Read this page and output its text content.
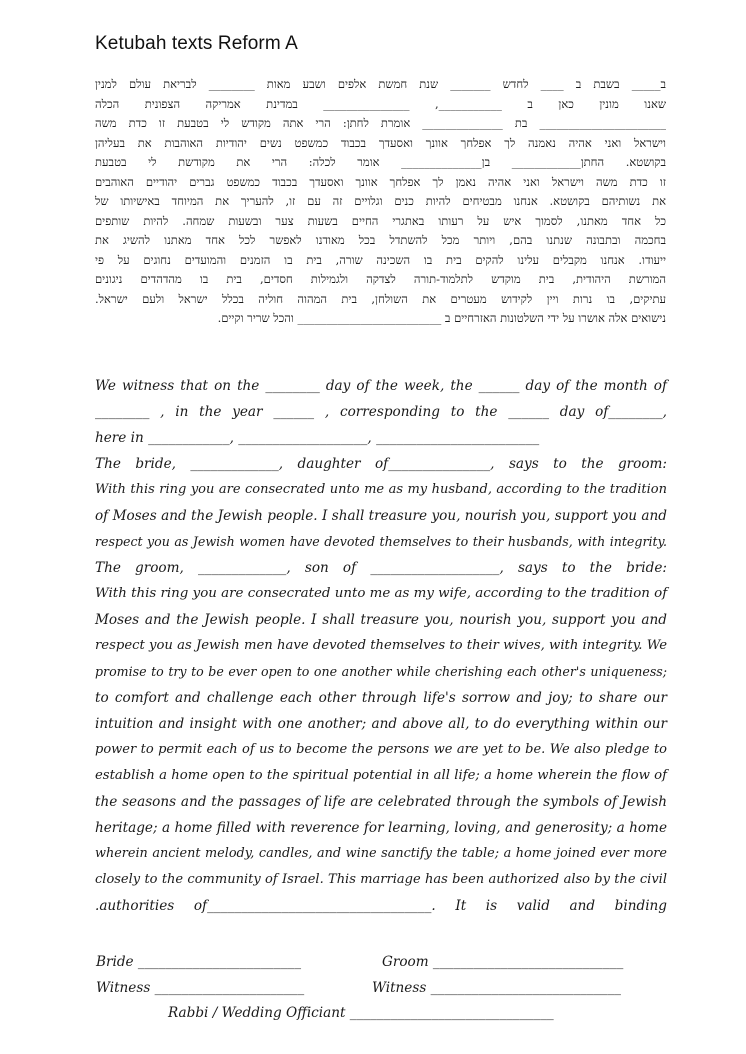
Ketubah texts Reform A
ב_____ בשבת ב ____ לחדש _______ שנת חמשת אלפים ושבע מאות ________ לבריאת עולם למנין
שאנו מונין כאן ב ___________, _______________ במדינת אמריקה הצפונית הכלה
______________________ בת ______________ אומרת לחתן: הרי אתה מקודש לי בטבעת זו כדת משה
וישראל ואני אהיה נאמנה לך אפלחך אוונך ואסעדך בכבוד כמשפט נשים יהודיות האוהבות את בעליהן
בקושטא. החתן____________ בן______________ אומר לכלה: הרי את מקודשת לי בטבעת
זו כדת משה וישראל ואני אהיה נאמן לך אפלחך אוונך ואסעדך בכבוד כמשפט גברים יהודיים האוהבים
את נשותיהם בקושטא. אנחנו מבטיחים להיות כנים וגלויים זה עם זו, להעריך את המיוחד באישיותו של
כל אחד מאתנו, לסמוך איש על רעותו באתגרי החיים בשעות צער ובשעות שמחה. להיות שותפים
בחכמה ובתבונה שנתנו בהם, ויותר מכל להשתדל בכל מאודנו לאפשר לכל אחד מאתנו להשיג את
ייעודו. אנחנו מקבלים עלינו להקים בית בו השכינה שורה, בית בו הזמנים והמועדים נחוגים על פי
המורשת היהודית, בית מוקדש לתלמוד-תורה לצדקה ולגמילות חסדים, בית בו מהדהדים ניגונים
עתיקים, בו נרות ויין לקידוש מעטרים את השולחן, בית המהוה חוליה בכלל ישראל ולעם ישראל.
נישואים אלה אושרו על ידי השלטונות האזרחיים ב _________________________ והכל שריר וקיים.
We witness that on the ________ day of the week, the ______ day of the month of
________ , in the year ______ , corresponding to the ______ day of________,
here in ____________, ___________________, ________________________
The bride, _____________, daughter of_______________, says to the groom:
With this ring you are consecrated unto me as my husband, according to the tradition
of Moses and the Jewish people. I shall treasure you, nourish you, support you and
respect you as Jewish women have devoted themselves to their husbands, with integrity.
The groom, _____________, son of ___________________, says to the bride:
With this ring you are consecrated unto me as my wife, according to the tradition of
Moses and the Jewish people. I shall treasure you, nourish you, support you and
respect you as Jewish men have devoted themselves to their wives, with integrity. We
promise to try to be ever open to one another while cherishing each other's uniqueness;
to comfort and challenge each other through life's sorrow and joy; to share our
intuition and insight with one another; and above all, to do everything within our
power to permit each of us to become the persons we are yet to be. We also pledge to
establish a home open to the spiritual potential in all life; a home wherein the flow of
the seasons and the passages of life are celebrated through the symbols of Jewish
heritage; a home filled with reverence for learning, loving, and generosity; a home
wherein ancient melody, candles, and wine sanctify the table; a home joined ever more
closely to the community of Israel. This marriage has been authorized also by the civil
.authorities of_________________________________. It is valid and binding
Bride ________________________	Groom ____________________________
Witness ______________________	Witness ____________________________
Rabbi / Wedding Officiant ______________________________
